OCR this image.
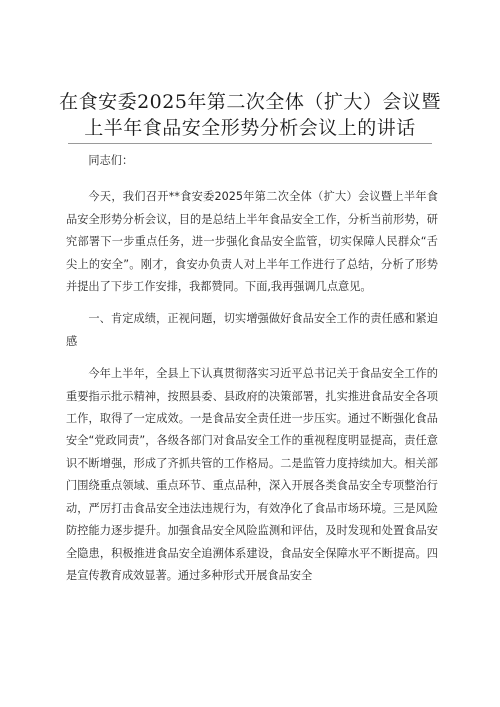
在食安委2025年第二次全体（扩大）会议暨
上半年食品安全形势分析会议上的讲话

同志们：

今天，我们召开**食安委2025年第二次全体（扩大）会议暨上半年食品安全形势分析会议，目的是总结上半年食品安全工作，分析当前形势，研究部署下一步重点任务，进一步强化食品安全监管，切实保障人民群众“舌尖上的安全”。刚才，食安办负责人对上半年工作进行了总结，分析了形势并提出了下步工作安排，我都赞同。下面,我再强调几点意见。

一、肯定成绩，正视问题，切实增强做好食品安全工作的责任感和紧迫感

今年上半年，全县上下认真贯彻落实习近平总书记关于食品安全工作的重要指示批示精神，按照县委、县政府的决策部署，扎实推进食品安全各项工作，取得了一定成效。一是食品安全责任进一步压实。通过不断强化食品安全“党政同责”，各级各部门对食品安全工作的重视程度明显提高，责任意识不断增强，形成了齐抓共管的工作格局。二是监管力度持续加大。相关部门围绕重点领域、重点环节、重点品种，深入开展各类食品安全专项整治行动，严厉打击食品安全违法违规行为，有效净化了食品市场环境。三是风险防控能力逐步提升。加强食品安全风险监测和评估，及时发现和处置食品安全隐患，积极推进食品安全追溯体系建设，食品安全保障水平不断提高。四是宣传教育成效显著。通过多种形式开展食品安全
